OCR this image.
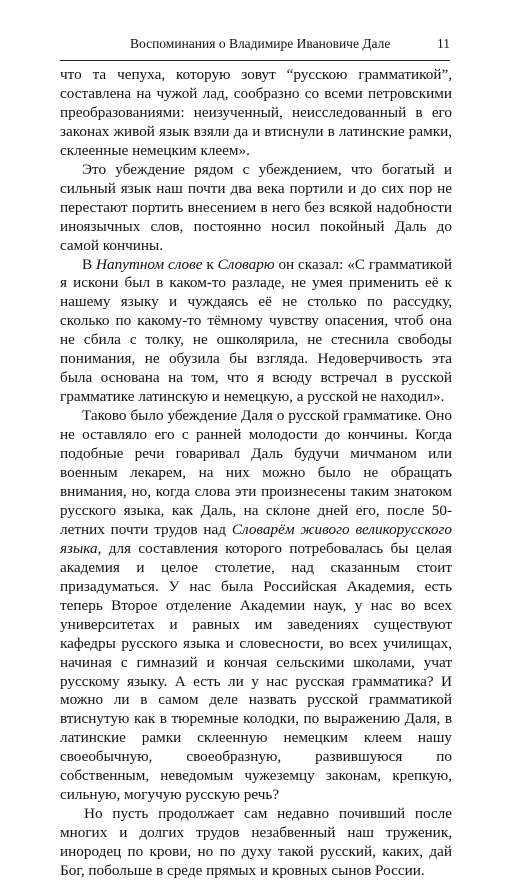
Воспоминания о Владимире Ивановиче Дале	11

что та чепуха, которую зовут “русскою грамматикой”, составлена на чужой лад, сообразно со всеми петровскими преобразованиями: неизученный, неисследованный в его законах живой язык взяли да и втиснули в латинские рамки, склеенные немецким клеем».

Это убеждение рядом с убеждением, что богатый и сильный язык наш почти два века портили и до сих пор не перестают портить внесением в него без всякой надобности иноязычных слов, постоянно носил покойный Даль до самой кончины.

В Напутном слове к Словарю он сказал: «С грамматикой я искони был в каком-то разладе, не умея применить её к нашему языку и чуждаясь её не столько по рассудку, сколько по какому-то тёмному чувству опасения, чтоб она не сбила с толку, не ошколярила, не стеснила свободы понимания, не обузила бы взгляда. Недоверчивость эта была основана на том, что я всюду встречал в русской грамматике латинскую и немецкую, а русской не находил».

Таково было убеждение Даля о русской грамматике. Оно не оставляло его с ранней молодости до кончины. Когда подобные речи говаривал Даль будучи мичманом или военным лекарем, на них можно было не обращать внимания, но, когда слова эти произнесены таким знатоком русского языка, как Даль, на склоне дней его, после 50-летних почти трудов над Словарём живого великорусского языка, для составления которого потребовалась бы целая академия и целое столетие, над сказанным стоит призадуматься. У нас была Российская Академия, есть теперь Второе отделение Академии наук, у нас во всех университетах и равных им заведениях существуют кафедры русского языка и словесности, во всех училищах, начиная с гимназий и кончая сельскими школами, учат русскому языку. А есть ли у нас русская грамматика? И можно ли в самом деле назвать русской грамматикой втиснутую как в тюремные колодки, по выражению Даля, в латинские рамки склеенную немецким клеем нашу своеобычную, своеобразную, развившуюся по собственным, неведомым чужеземцу законам, крепкую, сильную, могучую русскую речь?

Но пусть продолжает сам недавно почивший после многих и долгих трудов незабвенный наш труженик, инородец по крови, но по духу такой русский, каких, дай Бог, побольше в среде прямых и кровных сынов России.
